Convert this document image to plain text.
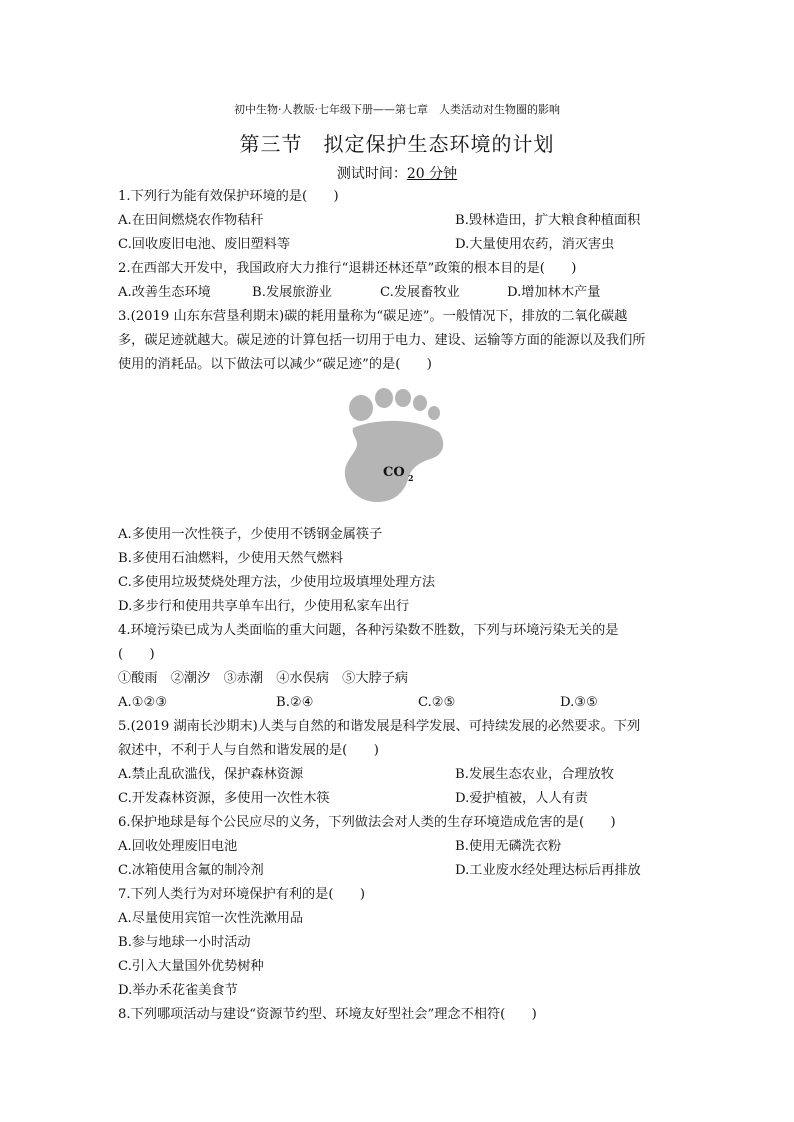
初中生物·人教版·七年级下册——第七章　人类活动对生物圈的影响
第三节　拟定保护生态环境的计划
测试时间：20 分钟
1.下列行为能有效保护环境的是(　　)
A.在田间燃烧农作物秸秆	B.毁林造田，扩大粮食种植面积
C.回收废旧电池、废旧塑料等	D.大量使用农药，消灭害虫
2.在西部大开发中，我国政府大力推行“退耕还林还草”政策的根本目的是(　　)
A.改善生态环境	B.发展旅游业	C.发展畜牧业	D.增加林木产量
3.(2019 山东东营垦利期末)碳的耗用量称为“碳足迹”。一般情况下，排放的二氧化碳越
多，碳足迹就越大。碳足迹的计算包括一切用于电力、建设、运输等方面的能源以及我们所
使用的消耗品。以下做法可以减少“碳足迹”的是(　　)
CO 2
A.多使用一次性筷子，少使用不锈钢金属筷子
B.多使用石油燃料，少使用天然气燃料
C.多使用垃圾焚烧处理方法，少使用垃圾填埋处理方法
D.多步行和使用共享单车出行，少使用私家车出行
4.环境污染已成为人类面临的重大问题，各种污染数不胜数，下列与环境污染无关的是
(　　)
①酸雨　②潮汐　③赤潮　④水俣病　⑤大脖子病
A.①②③	B.②④	C.②⑤	D.③⑤
5.(2019 湖南长沙期末)人类与自然的和谐发展是科学发展、可持续发展的必然要求。下列
叙述中，不利于人与自然和谐发展的是(　　)
A.禁止乱砍滥伐，保护森林资源	B.发展生态农业，合理放牧
C.开发森林资源，多使用一次性木筷	D.爱护植被，人人有责
6.保护地球是每个公民应尽的义务，下列做法会对人类的生存环境造成危害的是(　　)
A.回收处理废旧电池	B.使用无磷洗衣粉
C.冰箱使用含氟的制冷剂	D.工业废水经处理达标后再排放
7.下列人类行为对环境保护有利的是(　　)
A.尽量使用宾馆一次性洗漱用品
B.参与地球一小时活动
C.引入大量国外优势树种
D.举办禾花雀美食节
8.下列哪项活动与建设“资源节约型、环境友好型社会”理念不相符(　　)
